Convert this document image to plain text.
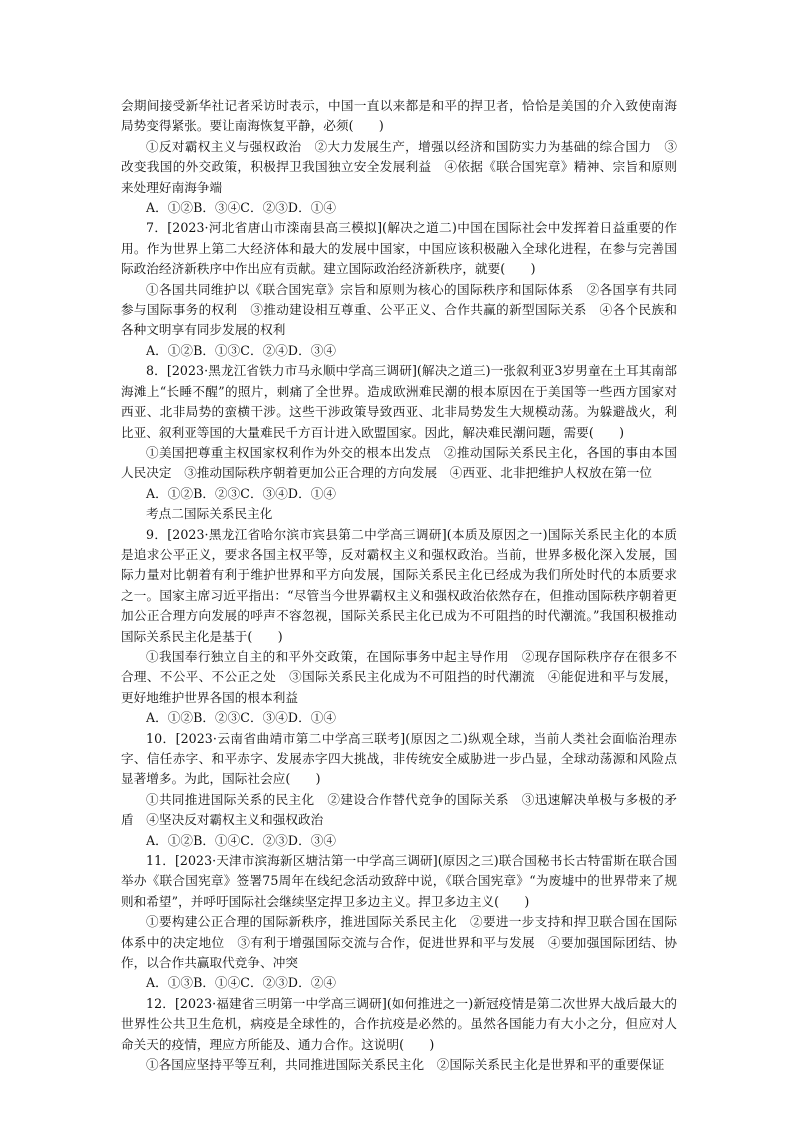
会期间接受新华社记者采访时表示，中国一直以来都是和平的捍卫者，恰恰是美国的介入致使南海局势变得紧张。要让南海恢复平静，必须(　　)

①反对霸权主义与强权政治　②大力发展生产，增强以经济和国防实力为基础的综合国力　③改变我国的外交政策，积极捍卫我国独立安全发展利益　④依据《联合国宪章》精神、宗旨和原则来处理好南海争端

A．①②B．③④C．②③D．①④

7．[2023·河北省唐山市滦南县高三模拟](解决之道二)中国在国际社会中发挥着日益重要的作用。作为世界上第二大经济体和最大的发展中国家，中国应该积极融入全球化进程，在参与完善国际政治经济新秩序中作出应有贡献。建立国际政治经济新秩序，就要(　　)

①各国共同维护以《联合国宪章》宗旨和原则为核心的国际秩序和国际体系　②各国享有共同参与国际事务的权利　③推动建设相互尊重、公平正义、合作共赢的新型国际关系　④各个民族和各种文明享有同步发展的权利

A．①②B．①③C．②④D．③④

8．[2023·黑龙江省铁力市马永顺中学高三调研](解决之道三)一张叙利亚3岁男童在土耳其南部海滩上“长睡不醒”的照片，刺痛了全世界。造成欧洲难民潮的根本原因在于美国等一些西方国家对西亚、北非局势的蛮横干涉。这些干涉政策导致西亚、北非局势发生大规模动荡。为躲避战火，利比亚、叙利亚等国的大量难民千方百计进入欧盟国家。因此，解决难民潮问题，需要(　　)

①美国把尊重主权国家权利作为外交的根本出发点　②推动国际关系民主化，各国的事由本国人民决定　③推动国际秩序朝着更加公正合理的方向发展　④西亚、北非把维护人权放在第一位

A．①②B．②③C．③④D．①④
考点二国际关系民主化

9．[2023·黑龙江省哈尔滨市宾县第二中学高三调研](本质及原因之一)国际关系民主化的本质是追求公平正义，要求各国主权平等，反对霸权主义和强权政治。当前，世界多极化深入发展，国际力量对比朝着有利于维护世界和平方向发展，国际关系民主化已经成为我们所处时代的本质要求之一。国家主席习近平指出：“尽管当今世界霸权主义和强权政治依然存在，但推动国际秩序朝着更加公正合理方向发展的呼声不容忽视，国际关系民主化已成为不可阻挡的时代潮流。”我国积极推动国际关系民主化是基于(　　)

①我国奉行独立自主的和平外交政策，在国际事务中起主导作用　②现存国际秩序存在很多不合理、不公平、不公正之处　③国际关系民主化成为不可阻挡的时代潮流　④能促进和平与发展，更好地维护世界各国的根本利益

A．①②B．②③C．③④D．①④

10．[2023·云南省曲靖市第二中学高三联考](原因之二)纵观全球，当前人类社会面临治理赤字、信任赤字、和平赤字、发展赤字四大挑战，非传统安全威胁进一步凸显，全球动荡源和风险点显著增多。为此，国际社会应(　　)

①共同推进国际关系的民主化　②建设合作替代竞争的国际关系　③迅速解决单极与多极的矛盾　④坚决反对霸权主义和强权政治

A．①②B．①④C．②③D．③④

11．[2023·天津市滨海新区塘沽第一中学高三调研](原因之三)联合国秘书长古特雷斯在联合国举办《联合国宪章》签署75周年在线纪念活动致辞中说，《联合国宪章》“为废墟中的世界带来了规则和希望”，并呼吁国际社会继续坚定捍卫多边主义。捍卫多边主义(　　)

①要构建公正合理的国际新秩序，推进国际关系民主化　②要进一步支持和捍卫联合国在国际体系中的决定地位　③有利于增强国际交流与合作，促进世界和平与发展　④要加强国际团结、协作，以合作共赢取代竞争、冲突

A．①③B．①④C．②③D．②④

12．[2023·福建省三明第一中学高三调研](如何推进之一)新冠疫情是第二次世界大战后最大的世界性公共卫生危机，病疫是全球性的，合作抗疫是必然的。虽然各国能力有大小之分，但应对人命关天的疫情，理应方所能及、通力合作。这说明(　　)

①各国应坚持平等互利，共同推进国际关系民主化　②国际关系民主化是世界和平的重要保证
